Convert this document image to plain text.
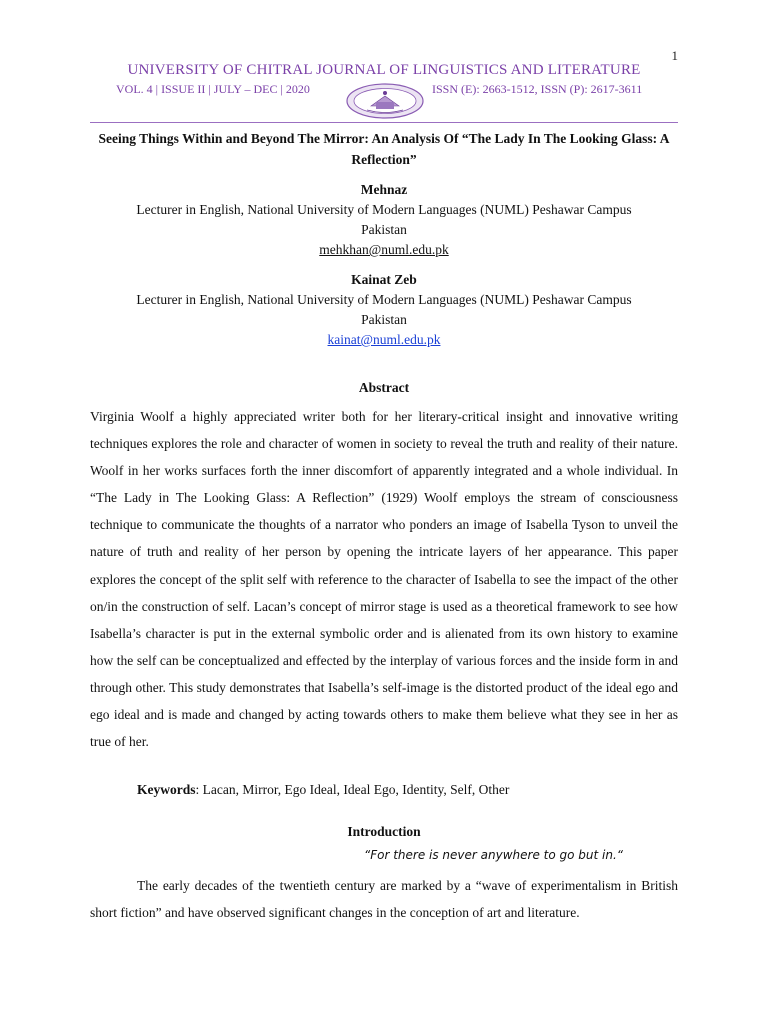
1
UNIVERSITY OF CHITRAL JOURNAL OF LINGUISTICS AND LITERATURE
VOL. 4 | ISSUE II | JULY – DEC | 2020	ISSN (E): 2663-1512, ISSN (P): 2617-3611
Seeing Things Within and Beyond The Mirror: An Analysis Of “The Lady In The Looking Glass: A Reflection”
Mehnaz
Lecturer in English, National University of Modern Languages (NUML) Peshawar Campus
Pakistan
mehkhan@numl.edu.pk
Kainat Zeb
Lecturer in English, National University of Modern Languages (NUML) Peshawar Campus
Pakistan
kainat@numl.edu.pk
Abstract
Virginia Woolf a highly appreciated writer both for her literary-critical insight and innovative writing techniques explores the role and character of women in society to reveal the truth and reality of their nature. Woolf in her works surfaces forth the inner discomfort of apparently integrated and a whole individual. In “The Lady in The Looking Glass: A Reflection” (1929) Woolf employs the stream of consciousness technique to communicate the thoughts of a narrator who ponders an image of Isabella Tyson to unveil the nature of truth and reality of her person by opening the intricate layers of her appearance. This paper explores the concept of the split self with reference to the character of Isabella to see the impact of the other on/in the construction of self. Lacan’s concept of mirror stage is used as a theoretical framework to see how Isabella’s character is put in the external symbolic order and is alienated from its own history to examine how the self can be conceptualized and effected by the interplay of various forces and the inside form in and through other. This study demonstrates that Isabella’s self-image is the distorted product of the ideal ego and ego ideal and is made and changed by acting towards others to make them believe what they see in her as true of her.
Keywords: Lacan, Mirror, Ego Ideal, Ideal Ego, Identity, Self, Other
Introduction
“For there is never anywhere to go but in.“
The early decades of the twentieth century are marked by a “wave of experimentalism in British short fiction” and have observed significant changes in the conception of art and literature.
